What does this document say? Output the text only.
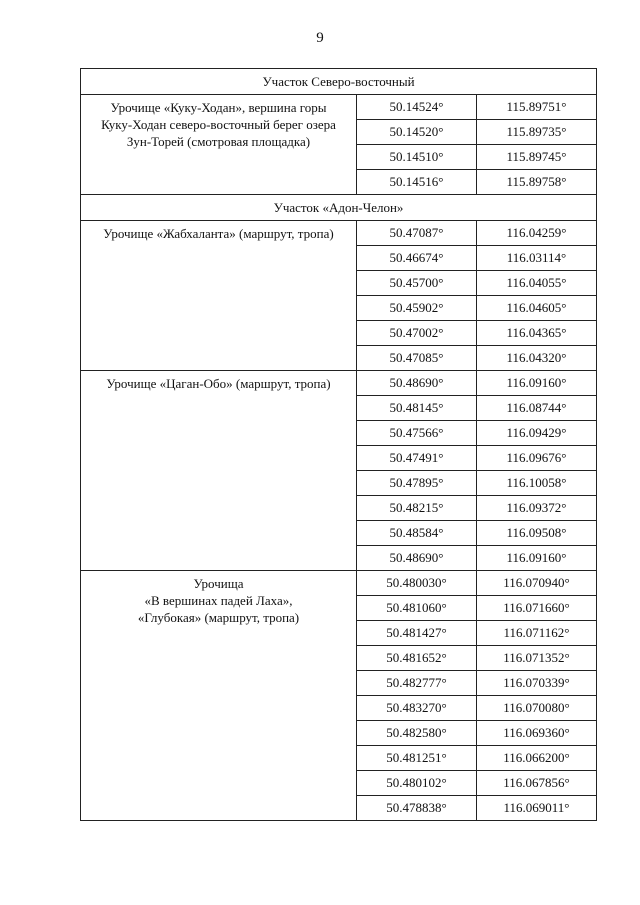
9
Участок Северо-восточный		

Урочище «Куку-Ходан», вершина горы
Куку-Ходан северо-восточный берег озера
Зун-Торей (смотровая площадка)	50.14524°	115.89751°
	50.14520°	115.89735°
	50.14510°	115.89745°
	50.14516°	115.89758°
Участок «Адон-Челон»		

Урочище «Жабхаланта» (маршрут, тропа)	50.47087°	116.04259°
	50.46674°	116.03114°
	50.45700°	116.04055°
	50.45902°	116.04605°
	50.47002°	116.04365°
	50.47085°	116.04320°

Урочище «Цаган-Обо» (маршрут, тропа)	50.48690°	116.09160°
	50.48145°	116.08744°
	50.47566°	116.09429°
	50.47491°	116.09676°
	50.47895°	116.10058°
	50.48215°	116.09372°
	50.48584°	116.09508°
	50.48690°	116.09160°

Урочища
«В вершинах падей Лаха»,
«Глубокая» (маршрут, тропа)	50.480030°	116.070940°
	50.481060°	116.071660°
	50.481427°	116.071162°
	50.481652°	116.071352°
	50.482777°	116.070339°
	50.483270°	116.070080°
	50.482580°	116.069360°
	50.481251°	116.066200°
	50.480102°	116.067856°
	50.478838°	116.069011°
